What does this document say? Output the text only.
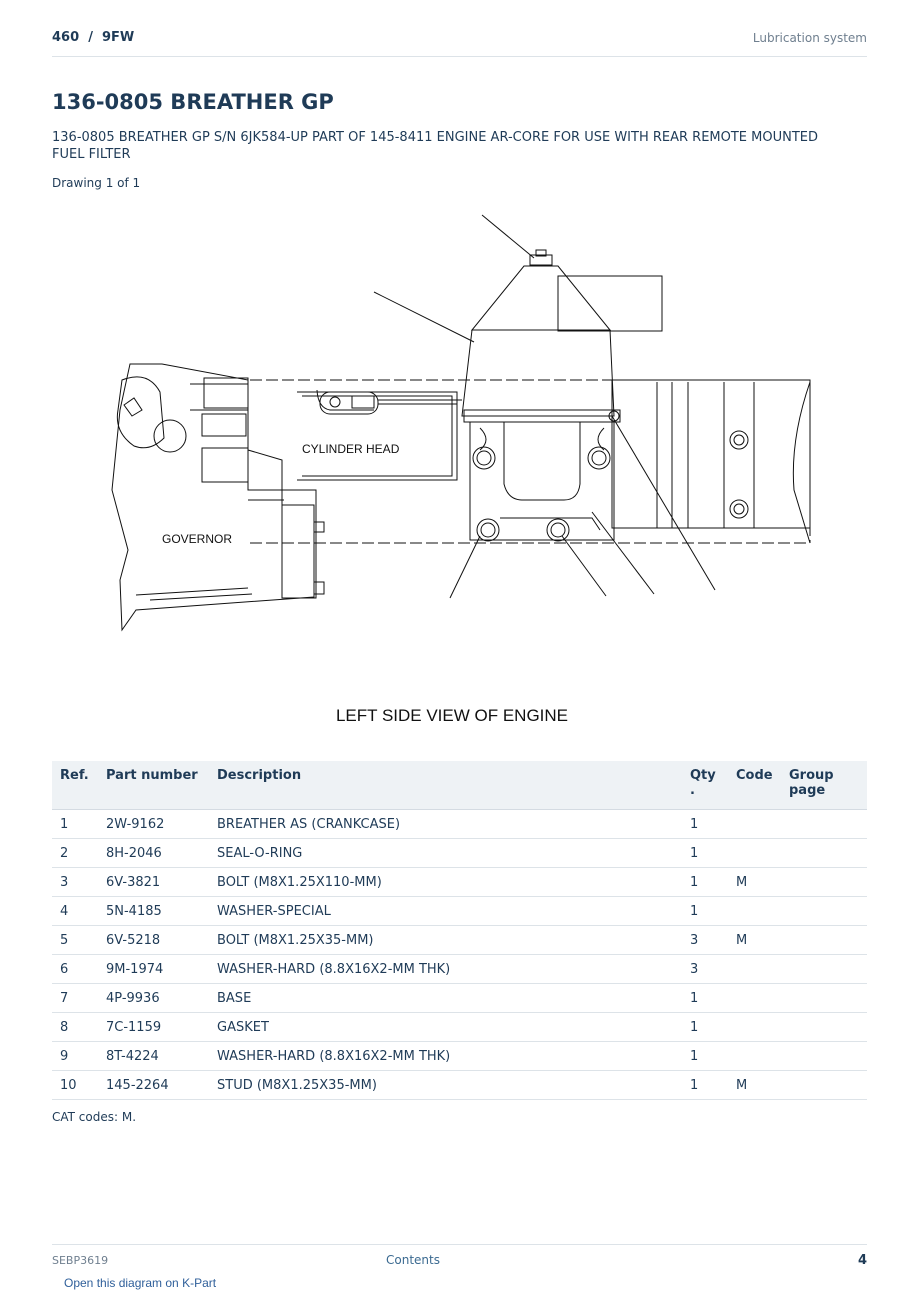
460  /  9FW	Lubrication system
136-0805 BREATHER GP
136-0805 BREATHER GP S/N 6JK584-UP PART OF 145-8411 ENGINE AR-CORE FOR USE WITH REAR REMOTE MOUNTED FUEL FILTER
Drawing 1 of 1
CYLINDER HEAD
GOVERNOR
LEFT SIDE VIEW OF ENGINE
Ref.	Part number	Description	Qty .	Code	Group page
1	2W-9162	BREATHER AS (CRANKCASE)	1		
2	8H-2046	SEAL-O-RING	1		
3	6V-3821	BOLT (M8X1.25X110-MM)	1	M	
4	5N-4185	WASHER-SPECIAL	1		
5	6V-5218	BOLT (M8X1.25X35-MM)	3	M	
6	9M-1974	WASHER-HARD (8.8X16X2-MM THK)	3		
7	4P-9936	BASE	1		
8	7C-1159	GASKET	1		
9	8T-4224	WASHER-HARD (8.8X16X2-MM THK)	1		
10	145-2264	STUD (M8X1.25X35-MM)	1	M	
CAT codes: M.
SEBP3619	Contents	4
Open this diagram on K-Part
